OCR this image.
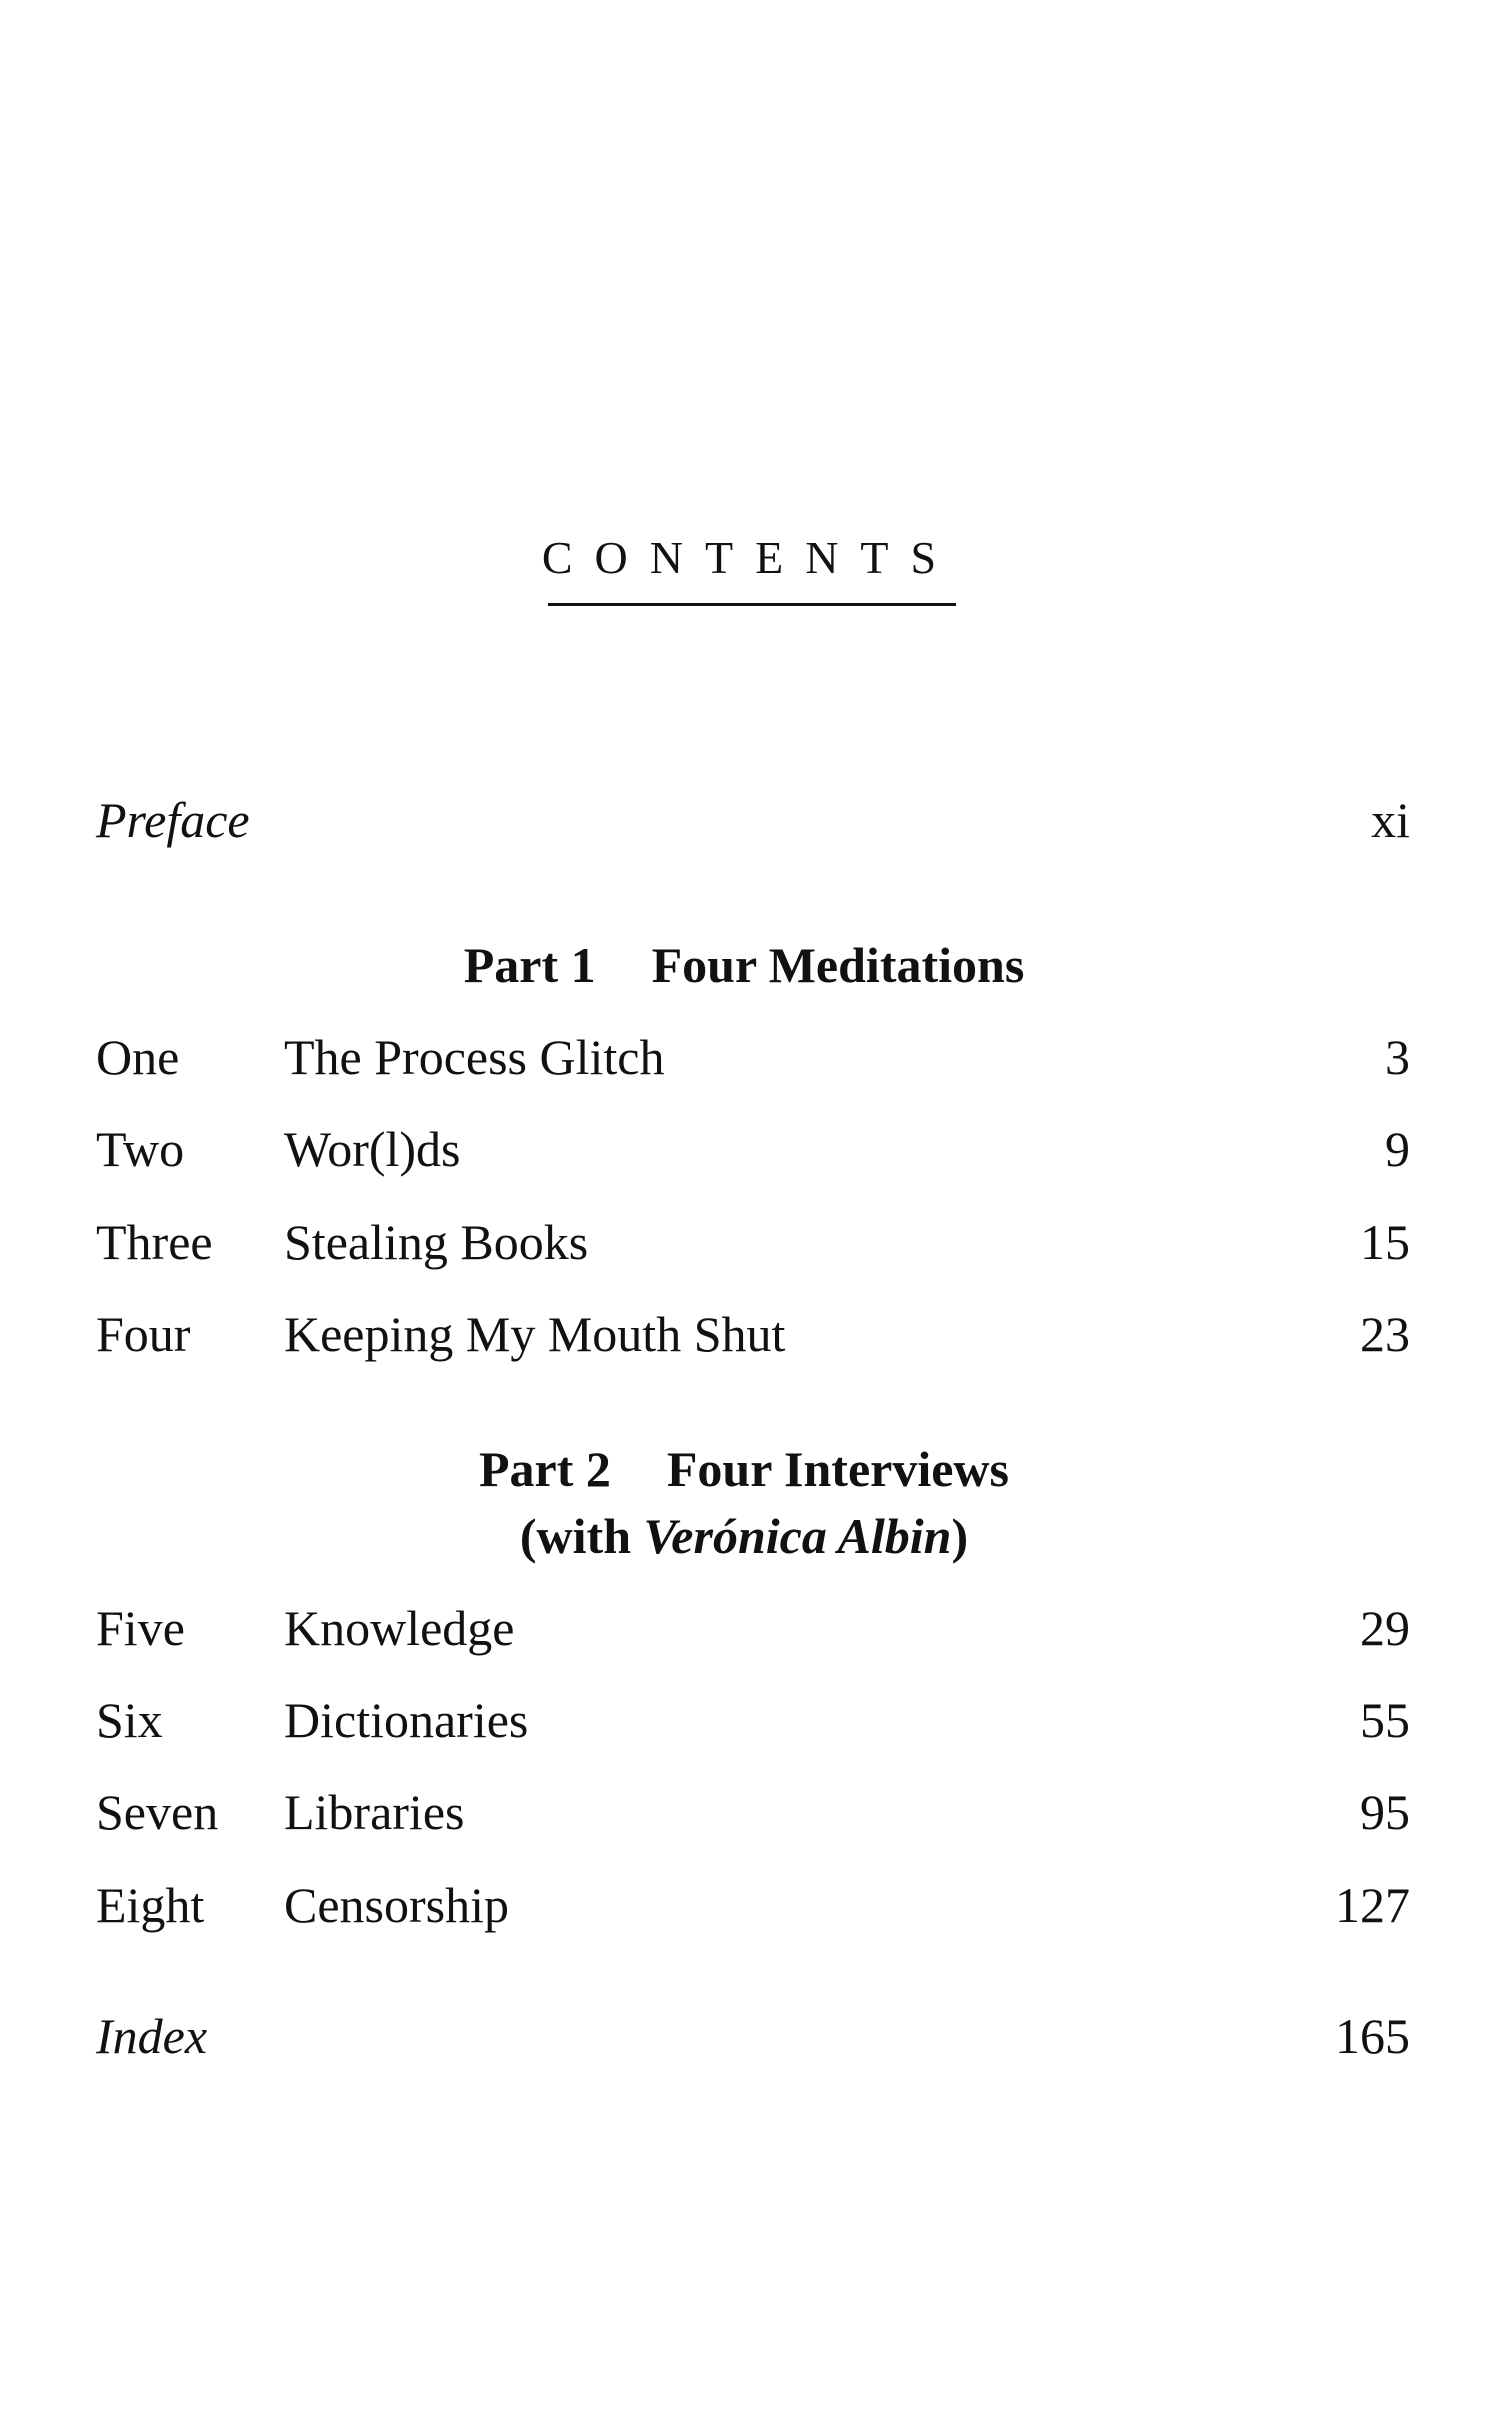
CONTENTS
Preface	xi
Part 1 Four Meditations
One The Process Glitch	3
Two Wor(l)ds	9
Three Stealing Books	15
Four Keeping My Mouth Shut	23
Part 2 Four Interviews
(with Verónica Albin)
Five Knowledge	29
Six Dictionaries	55
Seven Libraries	95
Eight Censorship	127
Index	165
